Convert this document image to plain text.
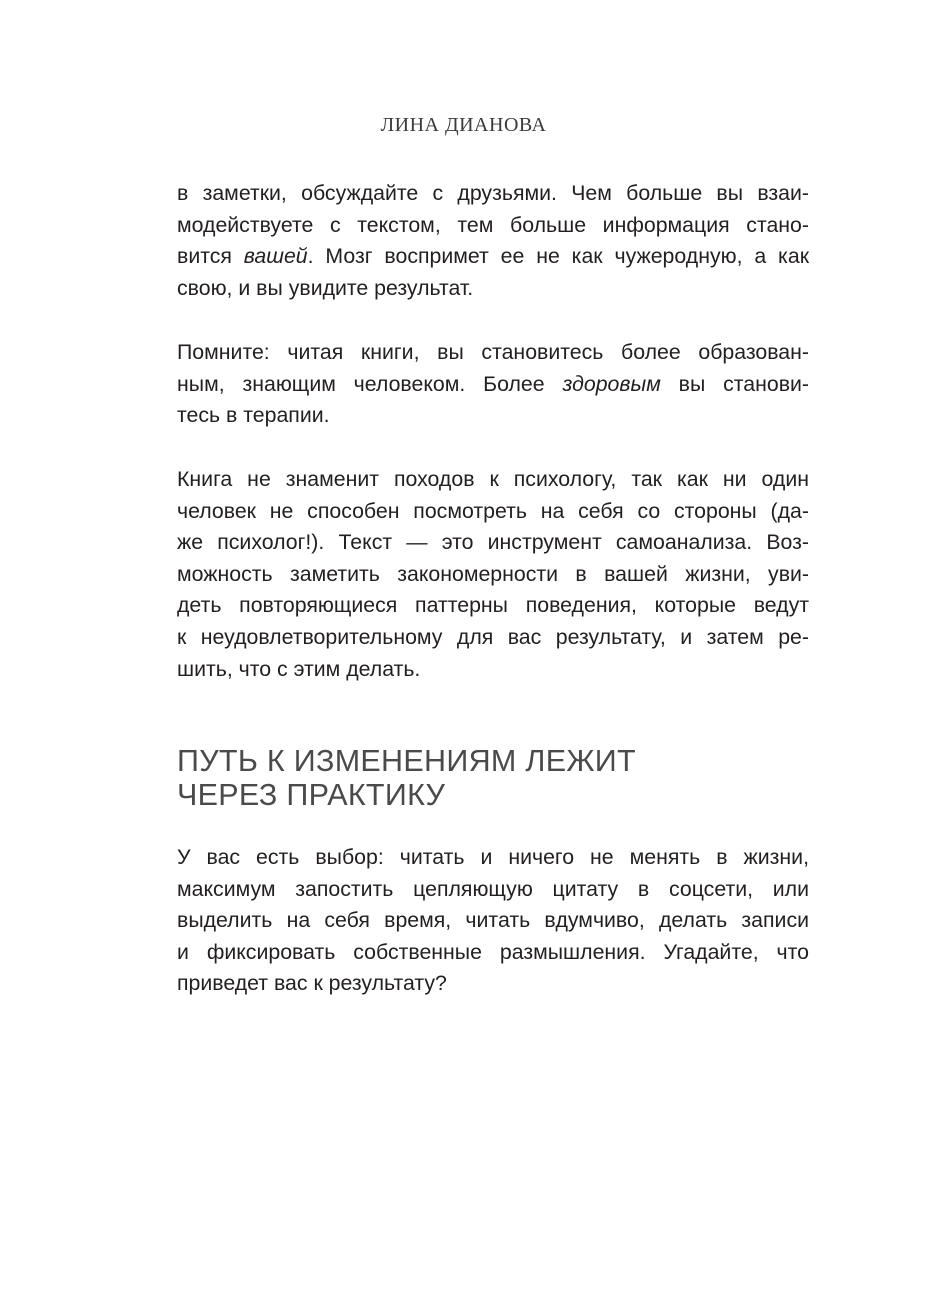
ЛИНА ДИАНОВА

в заметки, обсуждайте с друзьями. Чем больше вы взаи-
модействуете с текстом, тем больше информация стано-
вится вашей. Мозг воспримет ее не как чужеродную, а как
свою, и вы увидите результат.

Помните: читая книги, вы становитесь более образован-
ным, знающим человеком. Более здоровым вы станови-
тесь в терапии.

Книга не знаменит походов к психологу, так как ни один
человек не способен посмотреть на себя со стороны (да-
же психолог!). Текст — это инструмент самоанализа. Воз-
можность заметить закономерности в вашей жизни, уви-
деть повторяющиеся паттерны поведения, которые ведут
к неудовлетворительному для вас результату, и затем ре-
шить, что с этим делать.

ПУТЬ К ИЗМЕНЕНИЯМ ЛЕЖИТ
ЧЕРЕЗ ПРАКТИКУ

У вас есть выбор: читать и ничего не менять в жизни,
максимум запостить цепляющую цитату в соцсети, или
выделить на себя время, читать вдумчиво, делать записи
и фиксировать собственные размышления. Угадайте, что
приведет вас к результату?
